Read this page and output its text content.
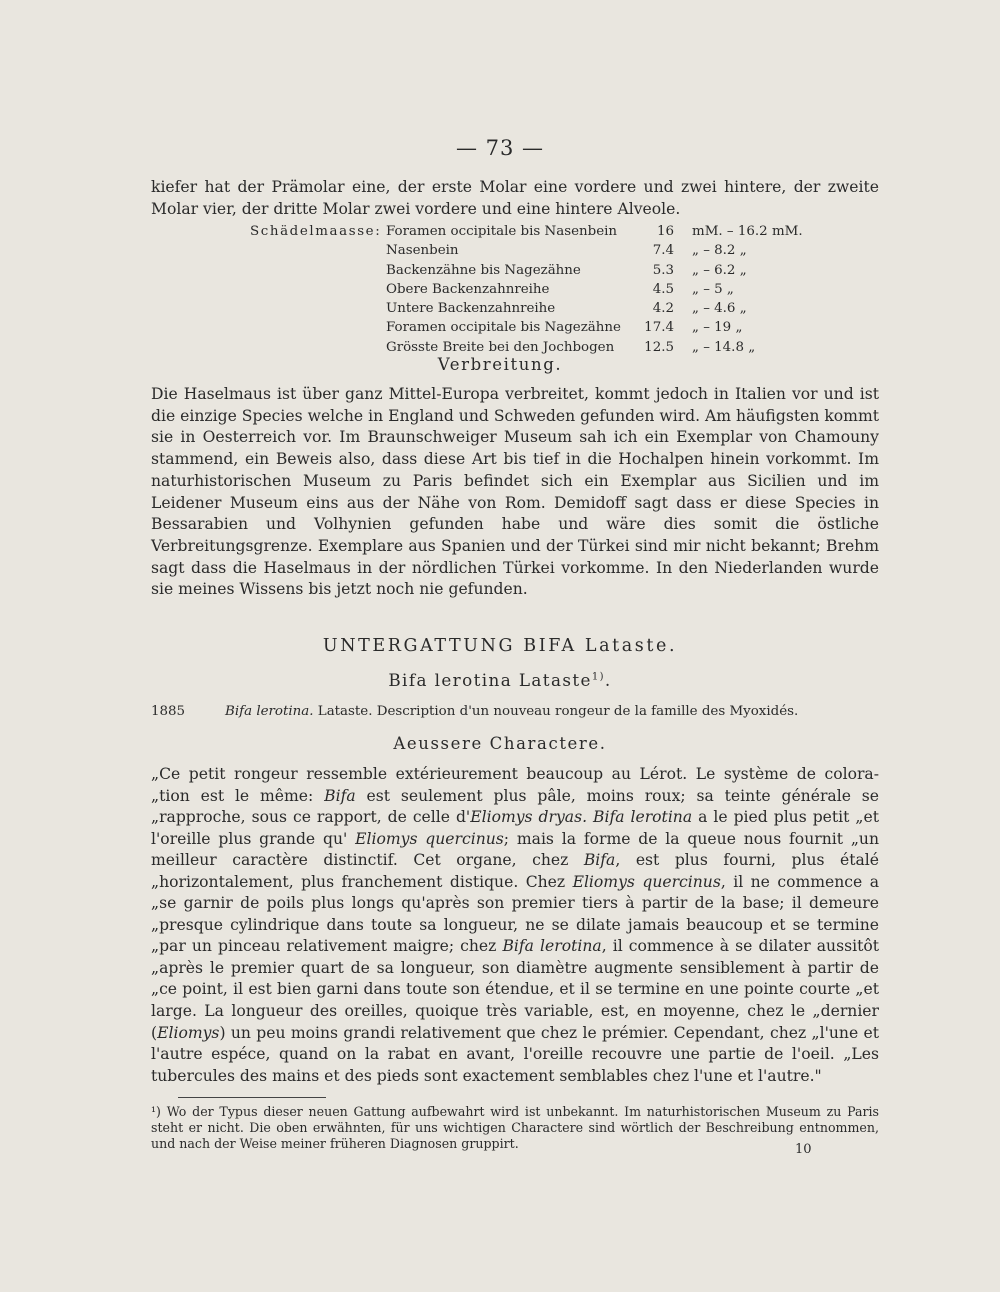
— 73 —
kiefer hat der Prämolar eine, der erste Molar eine vordere und zwei hintere, der zweite Molar vier, der dritte Molar zwei vordere und eine hintere Alveole.
Schädelmaasse: Foramen occipitale bis Nasenbein	16 mM. – 16.2 mM.
Nasenbein	7.4 „ – 8.2 „
Backenzähne bis Nagezähne	5.3 „ – 6.2 „
Obere Backenzahnreihe	4.5 „ – 5 „
Untere Backenzahnreihe	4.2 „ – 4.6 „
Foramen occipitale bis Nagezähne	17.4 „ – 19 „
Grösste Breite bei den Jochbogen	12.5 „ – 14.8 „
Verbreitung.
Die Haselmaus ist über ganz Mittel-Europa verbreitet, kommt jedoch in Italien vor und ist die einzige Species welche in England und Schweden gefunden wird. Am häufigsten kommt sie in Oesterreich vor. Im Braunschweiger Museum sah ich ein Exemplar von Chamouny stammend, ein Beweis also, dass diese Art bis tief in die Hochalpen hinein vorkommt. Im naturhistorischen Museum zu Paris befindet sich ein Exemplar aus Sicilien und im Leidener Museum eins aus der Nähe von Rom. Demidoff sagt dass er diese Species in Bessarabien und Volhynien gefunden habe und wäre dies somit die östliche Verbreitungsgrenze. Exemplare aus Spanien und der Türkei sind mir nicht bekannt; Brehm sagt dass die Haselmaus in der nördlichen Türkei vorkomme. In den Niederlanden wurde sie meines Wissens bis jetzt noch nie gefunden.
UNTERGATTUNG BIFA Lataste.
Bifa lerotina Lataste$^{1)}$.
1885	Bifa lerotina. Lataste. Description d'un nouveau rongeur de la famille des Myoxidés.
Aeussere Charactere.
„Ce petit rongeur ressemble extérieurement beaucoup au Lérot. Le système de colora- „tion est le même: Bifa est seulement plus pâle, moins roux; sa teinte générale se „rapproche, sous ce rapport, de celle d'Eliomys dryas. Bifa lerotina a le pied plus petit „et l'oreille plus grande qu' Eliomys quercinus; mais la forme de la queue nous fournit „un meilleur caractère distinctif. Cet organe, chez Bifa, est plus fourni, plus étalé „horizontalement, plus franchement distique. Chez Eliomys quercinus, il ne commence a „se garnir de poils plus longs qu'après son premier tiers à partir de la base; il demeure „presque cylindrique dans toute sa longueur, ne se dilate jamais beaucoup et se termine „par un pinceau relativement maigre; chez Bifa lerotina, il commence à se dilater aussitôt „après le premier quart de sa longueur, son diamètre augmente sensiblement à partir de „ce point, il est bien garni dans toute son étendue, et il se termine en une pointe courte „et large. La longueur des oreilles, quoique très variable, est, en moyenne, chez le „dernier (Eliomys) un peu moins grandi relativement que chez le prémier. Cependant, chez „l'une et l'autre espéce, quand on la rabat en avant, l'oreille recouvre une partie de l'oeil. „Les tubercules des mains et des pieds sont exactement semblables chez l'une et l'autre."
¹) Wo der Typus dieser neuen Gattung aufbewahrt wird ist unbekannt. Im naturhistorischen Museum zu Paris steht er nicht. Die oben erwähnten, für uns wichtigen Charactere sind wörtlich der Beschreibung entnommen, und nach der Weise meiner früheren Diagnosen gruppirt.	10
